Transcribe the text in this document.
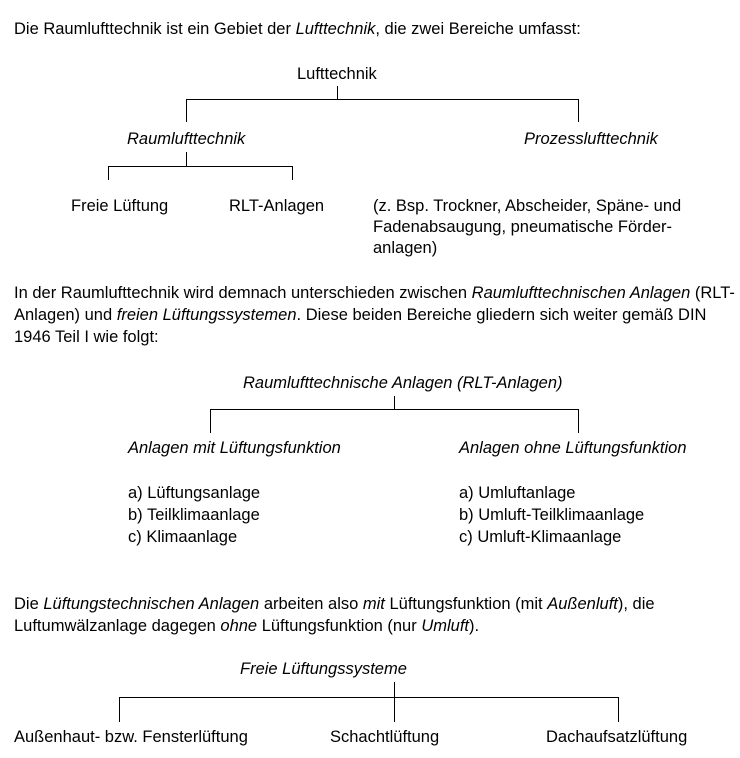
Die Raumlufttechnik ist ein Gebiet der Lufttechnik, die zwei Bereiche umfasst:
Lufttechnik
Raumlufttechnik	Prozesslufttechnik
Freie Lüftung	RLT-Anlagen	(z. Bsp. Trockner, Abscheider, Späne- und
Fadenabsaugung, pneumatische Förder-
anlagen)
In der Raumlufttechnik wird demnach unterschieden zwischen Raumlufttechnischen Anlagen (RLT-Anlagen) und freien Lüftungssystemen. Diese beiden Bereiche gliedern sich weiter gemäß DIN 1946 Teil I wie folgt:
Raumlufttechnische Anlagen (RLT-Anlagen)
Anlagen mit Lüftungsfunktion	Anlagen ohne Lüftungsfunktion
a) Lüftungsanlage
b) Teilklimaanlage
c) Klimaanlage
a) Umluftanlage
b) Umluft-Teilklimaanlage
c) Umluft-Klimaanlage
Die Lüftungstechnischen Anlagen arbeiten also mit Lüftungsfunktion (mit Außenluft), die Luftumwälzanlage dagegen ohne Lüftungsfunktion (nur Umluft).
Freie Lüftungssysteme
Außenhaut- bzw. Fensterlüftung	Schachtlüftung	Dachaufsatzlüftung
